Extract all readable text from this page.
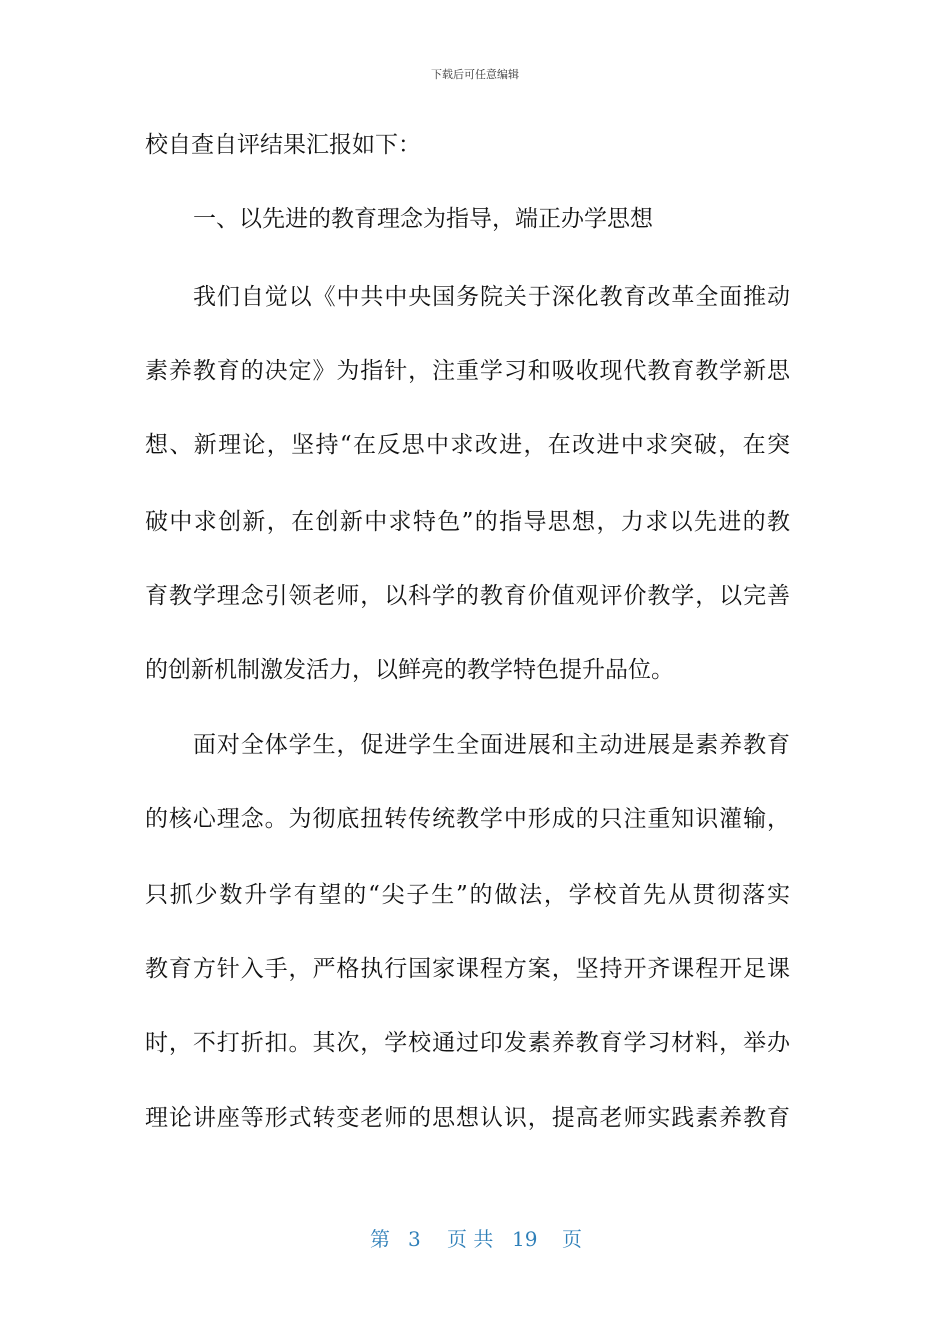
下载后可任意编辑
校自查自评结果汇报如下：
一、以先进的教育理念为指导，端正办学思想
我们自觉以《中共中央国务院关于深化教育改革全面推动
素养教育的决定》为指针，注重学习和吸收现代教育教学新思
想、新理论，坚持“在反思中求改进，在改进中求突破，在突
破中求创新，在创新中求特色”的指导思想，力求以先进的教
育教学理念引领老师，以科学的教育价值观评价教学，以完善
的创新机制激发活力，以鲜亮的教学特色提升品位。
面对全体学生，促进学生全面进展和主动进展是素养教育
的核心理念。为彻底扭转传统教学中形成的只注重知识灌输，
只抓少数升学有望的“尖子生”的做法，学校首先从贯彻落实
教育方针入手，严格执行国家课程方案，坚持开齐课程开足课
时，不打折扣。其次，学校通过印发素养教育学习材料，举办
理论讲座等形式转变老师的思想认识，提高老师实践素养教育
第 3 页 共 19 页
